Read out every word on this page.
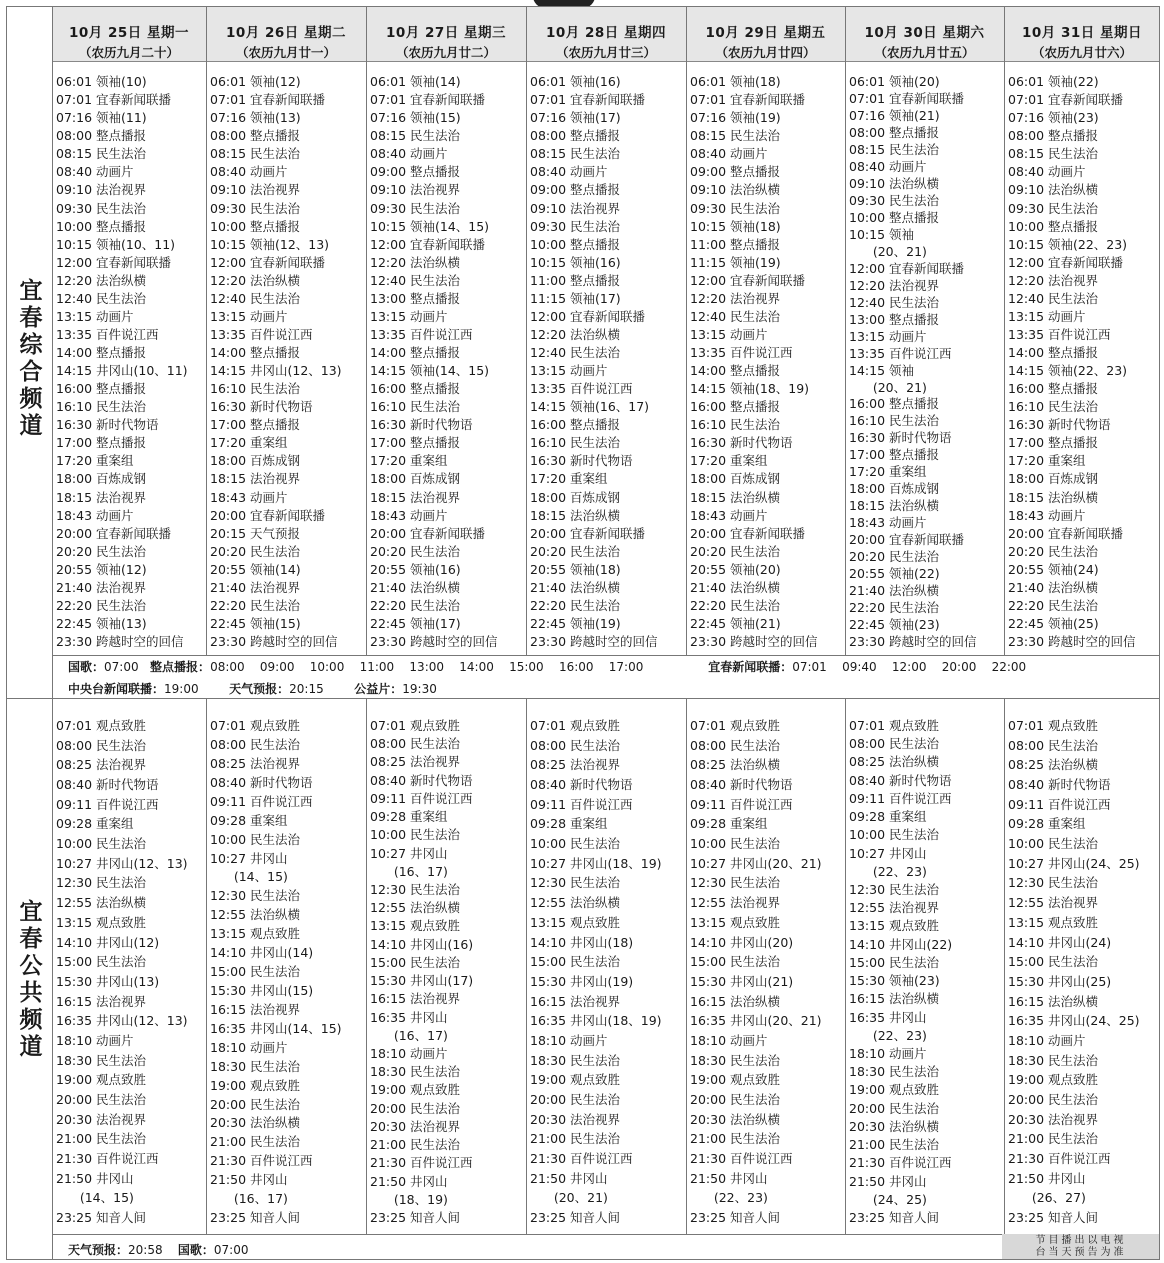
宜春综合频道
宜春公共频道
10月 25日 星期一
（农历九月二十）
10月 26日 星期二
（农历九月廿一）
10月 27日 星期三
（农历九月廿二）
10月 28日 星期四
（农历九月廿三）
10月 29日 星期五
（农历九月廿四）
10月 30日 星期六
（农历九月廿五）
10月 31日 星期日
（农历九月廿六）
06:01 领袖(10)
07:01 宜春新闻联播
07:16 领袖(11)
08:00 整点播报
08:15 民生法治
08:40 动画片
09:10 法治视界
09:30 民生法治
10:00 整点播报
10:15 领袖(10、11)
12:00 宜春新闻联播
12:20 法治纵横
12:40 民生法治
13:15 动画片
13:35 百件说江西
14:00 整点播报
14:15 井冈山(10、11)
16:00 整点播报
16:10 民生法治
16:30 新时代物语
17:00 整点播报
17:20 重案组
18:00 百炼成钢
18:15 法治视界
18:43 动画片
20:00 宜春新闻联播
20:20 民生法治
20:55 领袖(12)
21:40 法治视界
22:20 民生法治
22:45 领袖(13)
23:30 跨越时空的回信
06:01 领袖(12)
07:01 宜春新闻联播
07:16 领袖(13)
08:00 整点播报
08:15 民生法治
08:40 动画片
09:10 法治视界
09:30 民生法治
10:00 整点播报
10:15 领袖(12、13)
12:00 宜春新闻联播
12:20 法治纵横
12:40 民生法治
13:15 动画片
13:35 百件说江西
14:00 整点播报
14:15 井冈山(12、13)
16:10 民生法治
16:30 新时代物语
17:00 整点播报
17:20 重案组
18:00 百炼成钢
18:15 法治视界
18:43 动画片
20:00 宜春新闻联播
20:15 天气预报
20:20 民生法治
20:55 领袖(14)
21:40 法治视界
22:20 民生法治
22:45 领袖(15)
23:30 跨越时空的回信
06:01 领袖(14)
07:01 宜春新闻联播
07:16 领袖(15)
08:15 民生法治
08:40 动画片
09:00 整点播报
09:10 法治视界
09:30 民生法治
10:15 领袖(14、15)
12:00 宜春新闻联播
12:20 法治纵横
12:40 民生法治
13:00 整点播报
13:15 动画片
13:35 百件说江西
14:00 整点播报
14:15 领袖(14、15)
16:00 整点播报
16:10 民生法治
16:30 新时代物语
17:00 整点播报
17:20 重案组
18:00 百炼成钢
18:15 法治视界
18:43 动画片
20:00 宜春新闻联播
20:20 民生法治
20:55 领袖(16)
21:40 法治纵横
22:20 民生法治
22:45 领袖(17)
23:30 跨越时空的回信
06:01 领袖(16)
07:01 宜春新闻联播
07:16 领袖(17)
08:00 整点播报
08:15 民生法治
08:40 动画片
09:00 整点播报
09:10 法治视界
09:30 民生法治
10:00 整点播报
10:15 领袖(16)
11:00 整点播报
11:15 领袖(17)
12:00 宜春新闻联播
12:20 法治纵横
12:40 民生法治
13:15 动画片
13:35 百件说江西
14:15 领袖(16、17)
16:00 整点播报
16:10 民生法治
16:30 新时代物语
17:20 重案组
18:00 百炼成钢
18:15 法治纵横
20:00 宜春新闻联播
20:20 民生法治
20:55 领袖(18)
21:40 法治纵横
22:20 民生法治
22:45 领袖(19)
23:30 跨越时空的回信
06:01 领袖(18)
07:01 宜春新闻联播
07:16 领袖(19)
08:15 民生法治
08:40 动画片
09:00 整点播报
09:10 法治纵横
09:30 民生法治
10:15 领袖(18)
11:00 整点播报
11:15 领袖(19)
12:00 宜春新闻联播
12:20 法治视界
12:40 民生法治
13:15 动画片
13:35 百件说江西
14:00 整点播报
14:15 领袖(18、19)
16:00 整点播报
16:10 民生法治
16:30 新时代物语
17:20 重案组
18:00 百炼成钢
18:15 法治纵横
18:43 动画片
20:00 宜春新闻联播
20:20 民生法治
20:55 领袖(20)
21:40 法治纵横
22:20 民生法治
22:45 领袖(21)
23:30 跨越时空的回信
06:01 领袖(20)
07:01 宜春新闻联播
07:16 领袖(21)
08:00 整点播报
08:15 民生法治
08:40 动画片
09:10 法治纵横
09:30 民生法治
10:00 整点播报
10:15 领袖
(20、21)
12:00 宜春新闻联播
12:20 法治视界
12:40 民生法治
13:00 整点播报
13:15 动画片
13:35 百件说江西
14:15 领袖
(20、21)
16:00 整点播报
16:10 民生法治
16:30 新时代物语
17:00 整点播报
17:20 重案组
18:00 百炼成钢
18:15 法治纵横
18:43 动画片
20:00 宜春新闻联播
20:20 民生法治
20:55 领袖(22)
21:40 法治纵横
22:20 民生法治
22:45 领袖(23)
23:30 跨越时空的回信
06:01 领袖(22)
07:01 宜春新闻联播
07:16 领袖(23)
08:00 整点播报
08:15 民生法治
08:40 动画片
09:10 法治纵横
09:30 民生法治
10:00 整点播报
10:15 领袖(22、23)
12:00 宜春新闻联播
12:20 法治视界
12:40 民生法治
13:15 动画片
13:35 百件说江西
14:00 整点播报
14:15 领袖(22、23)
16:00 整点播报
16:10 民生法治
16:30 新时代物语
17:00 整点播报
17:20 重案组
18:00 百炼成钢
18:15 法治纵横
18:43 动画片
20:00 宜春新闻联播
20:20 民生法治
20:55 领袖(24)
21:40 法治纵横
22:20 民生法治
22:45 领袖(25)
23:30 跨越时空的回信
07:01 观点致胜
08:00 民生法治
08:25 法治视界
08:40 新时代物语
09:11 百件说江西
09:28 重案组
10:00 民生法治
10:27 井冈山(12、13)
12:30 民生法治
12:55 法治纵横
13:15 观点致胜
14:10 井冈山(12)
15:00 民生法治
15:30 井冈山(13)
16:15 法治视界
16:35 井冈山(12、13)
18:10 动画片
18:30 民生法治
19:00 观点致胜
20:00 民生法治
20:30 法治视界
21:00 民生法治
21:30 百件说江西
21:50 井冈山
(14、15)
23:25 知音人间
07:01 观点致胜
08:00 民生法治
08:25 法治视界
08:40 新时代物语
09:11 百件说江西
09:28 重案组
10:00 民生法治
10:27 井冈山
(14、15)
12:30 民生法治
12:55 法治纵横
13:15 观点致胜
14:10 井冈山(14)
15:00 民生法治
15:30 井冈山(15)
16:15 法治视界
16:35 井冈山(14、15)
18:10 动画片
18:30 民生法治
19:00 观点致胜
20:00 民生法治
20:30 法治纵横
21:00 民生法治
21:30 百件说江西
21:50 井冈山
(16、17)
23:25 知音人间
07:01 观点致胜
08:00 民生法治
08:25 法治视界
08:40 新时代物语
09:11 百件说江西
09:28 重案组
10:00 民生法治
10:27 井冈山
(16、17)
12:30 民生法治
12:55 法治纵横
13:15 观点致胜
14:10 井冈山(16)
15:00 民生法治
15:30 井冈山(17)
16:15 法治视界
16:35 井冈山
(16、17)
18:10 动画片
18:30 民生法治
19:00 观点致胜
20:00 民生法治
20:30 法治视界
21:00 民生法治
21:30 百件说江西
21:50 井冈山
(18、19)
23:25 知音人间
07:01 观点致胜
08:00 民生法治
08:25 法治视界
08:40 新时代物语
09:11 百件说江西
09:28 重案组
10:00 民生法治
10:27 井冈山(18、19)
12:30 民生法治
12:55 法治纵横
13:15 观点致胜
14:10 井冈山(18)
15:00 民生法治
15:30 井冈山(19)
16:15 法治视界
16:35 井冈山(18、19)
18:10 动画片
18:30 民生法治
19:00 观点致胜
20:00 民生法治
20:30 法治视界
21:00 民生法治
21:30 百件说江西
21:50 井冈山
(20、21)
23:25 知音人间
07:01 观点致胜
08:00 民生法治
08:25 法治纵横
08:40 新时代物语
09:11 百件说江西
09:28 重案组
10:00 民生法治
10:27 井冈山(20、21)
12:30 民生法治
12:55 法治视界
13:15 观点致胜
14:10 井冈山(20)
15:00 民生法治
15:30 井冈山(21)
16:15 法治纵横
16:35 井冈山(20、21)
18:10 动画片
18:30 民生法治
19:00 观点致胜
20:00 民生法治
20:30 法治纵横
21:00 民生法治
21:30 百件说江西
21:50 井冈山
(22、23)
23:25 知音人间
07:01 观点致胜
08:00 民生法治
08:25 法治纵横
08:40 新时代物语
09:11 百件说江西
09:28 重案组
10:00 民生法治
10:27 井冈山
(22、23)
12:30 民生法治
12:55 法治视界
13:15 观点致胜
14:10 井冈山(22)
15:00 民生法治
15:30 领袖(23)
16:15 法治纵横
16:35 井冈山
(22、23)
18:10 动画片
18:30 民生法治
19:00 观点致胜
20:00 民生法治
20:30 法治纵横
21:00 民生法治
21:30 百件说江西
21:50 井冈山
(24、25)
23:25 知音人间
07:01 观点致胜
08:00 民生法治
08:25 法治纵横
08:40 新时代物语
09:11 百件说江西
09:28 重案组
10:00 民生法治
10:27 井冈山(24、25)
12:30 民生法治
12:55 法治视界
13:15 观点致胜
14:10 井冈山(24)
15:00 民生法治
15:30 井冈山(25)
16:15 法治纵横
16:35 井冈山(24、25)
18:10 动画片
18:30 民生法治
19:00 观点致胜
20:00 民生法治
20:30 法治视界
21:00 民生法治
21:30 百件说江西
21:50 井冈山
(26、27)
23:25 知音人间
国歌：07:00   整点播报：08:00    09:00    10:00    11:00    13:00    14:00    15:00    16:00    17:00                 宜春新闻联播：07:01    09:40    12:00    20:00    22:00
中央台新闻联播：19:00        天气预报：20:15        公益片：19:30
天气预报：20:58    国歌：07:00
节目播出以电视
台当天预告为准
